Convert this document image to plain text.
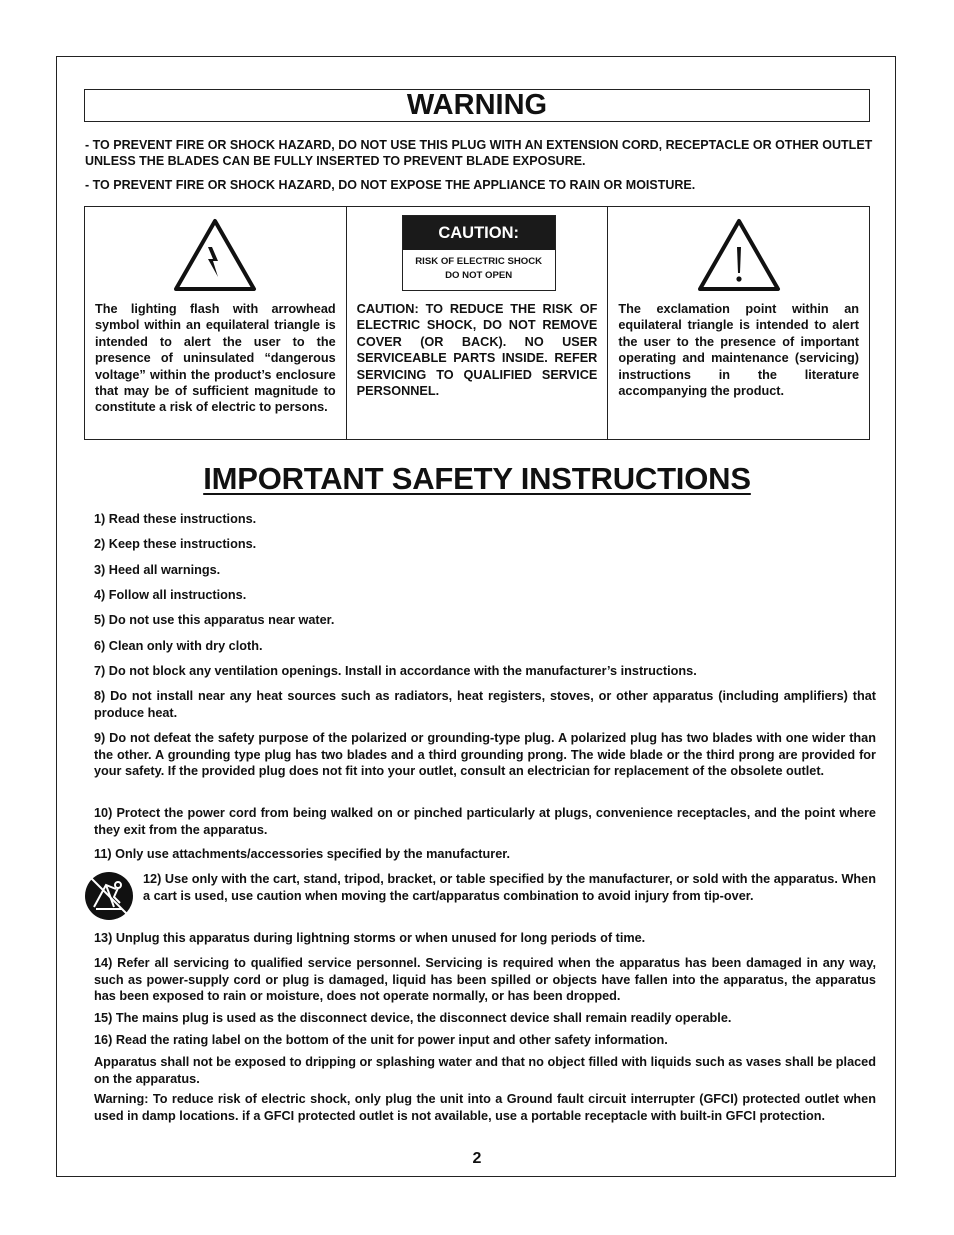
WARNING
- TO PREVENT FIRE OR SHOCK HAZARD, DO NOT USE THIS PLUG WITH AN EXTENSION CORD, RECEPTACLE OR OTHER OUTLET UNLESS THE BLADES CAN BE FULLY INSERTED TO PREVENT BLADE EXPOSURE.
- TO PREVENT FIRE OR SHOCK HAZARD, DO NOT EXPOSE THE APPLIANCE TO RAIN OR MOISTURE.

The lighting flash with arrowhead symbol within an equilateral triangle is intended to alert the user to the presence of uninsulated “dangerous voltage” within the product’s enclosure that may be of sufficient magnitude to constitute a risk of electric to persons.

CAUTION:
RISK OF ELECTRIC SHOCK
DO NOT OPEN

CAUTION: TO REDUCE THE RISK OF ELECTRIC SHOCK, DO NOT REMOVE COVER (OR BACK). NO USER SERVICEABLE PARTS INSIDE. REFER SERVICING TO QUALIFIED SERVICE PERSONNEL.

The exclamation point within an equilateral triangle is intended to alert the user to the presence of important operating and maintenance (servicing) instructions in the literature accompanying the product.

IMPORTANT SAFETY INSTRUCTIONS

1) Read these instructions.

2) Keep these instructions.

3) Heed all warnings.

4) Follow all instructions.

5) Do not use this apparatus near water.

6) Clean only with dry cloth.

7) Do not block any ventilation openings. Install in accordance with the manufacturer’s instructions.

8) Do not install near any heat sources such as radiators, heat registers, stoves, or other apparatus (including amplifiers) that produce heat.

9) Do not defeat the safety purpose of the polarized or grounding-type plug. A polarized plug has two blades with one wider than the other. A grounding type plug has two blades and a third grounding prong. The wide blade or the third prong are provided for your safety. If the provided plug does not fit into your outlet, consult an electrician for replacement of the obsolete outlet.

10) Protect the power cord from being walked on or pinched particularly at plugs, convenience receptacles, and the point where they exit from the apparatus.

11) Only use attachments/accessories specified by the manufacturer.

12) Use only with the cart, stand, tripod, bracket, or table specified by the manufacturer, or sold with the apparatus. When a cart is used, use caution when moving the cart/apparatus combination to avoid injury from tip-over.

13) Unplug this apparatus during lightning storms or when unused for long periods of time.

14) Refer all servicing to qualified service personnel. Servicing is required when the apparatus has been damaged in any way, such as power-supply cord or plug is damaged, liquid has been spilled or objects have fallen into the apparatus, the apparatus has been exposed to rain or moisture, does not operate normally, or has been dropped.

15) The mains plug is used as the disconnect device, the disconnect device shall remain readily operable.

16) Read the rating label on the bottom of the unit for power input and other safety information.

Apparatus shall not be exposed to dripping or splashing water and that no object filled with liquids such as vases shall be placed on the apparatus.

Warning: To reduce risk of electric shock, only plug the unit into a Ground fault circuit interrupter (GFCI) protected outlet when used in damp locations. if a GFCI protected outlet is not available, use a portable receptacle with built-in GFCI protection.

2
